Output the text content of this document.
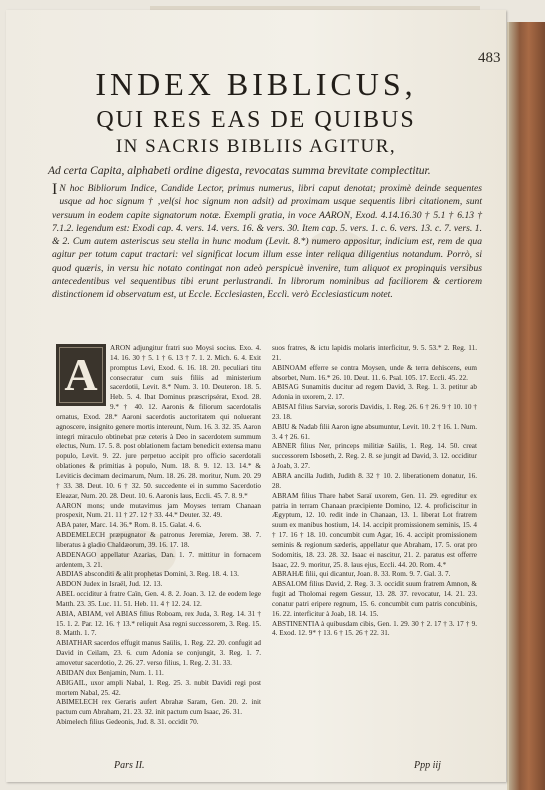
483
INDEX BIBLICUS,
QUI RES EAS DE QUIBUS
IN SACRIS BIBLIIS AGITUR,
Ad certa Capita, alphabeti ordine digesta, revocatas summa brevitate complectitur.
I N hoc Bibliorum Indice, Candide Lector, primus numerus, libri caput denotat; proximè deinde sequentes usque ad hoc signum † ,vel(si hoc signum non adsit) ad proximam usque sequentis libri citationem, sunt versuum in eodem capite signatorum notæ. Exempli gratia, in voce AARON, Exod. 4.14.16.30 † 5.1 † 6.13 † 7.1.2. legendum est: Exodi cap. 4. vers. 14. vers. 16. & vers. 30. Item cap. 5. vers. 1. c. 6. vers. 13. c. 7. vers. 1. & 2. Cum autem asteriscus seu stella in hunc modum (Levit. 8.*) numero appositur, indicium est, rem de qua agitur per totum caput tractari: vel significat locum illum esse inter reliqua diligentius notandum. Porrò, si quod quæris, in versu hic notato contingat non adeò perspicuè invenire, tum aliquot ex propinquis versibus antecedentibus vel sequentibus tibi erunt perlustrandi. In librorum nominibus ad faciliorem & certiorem distinctionem id observatum est, ut Eccle. Ecclesiasten, Ecclì. verò Ecclesiasticum notet.
A

ARON adjungitur fratri suo Moysi socius. Exo. 4. 14. 16. 30 † 5. 1 † 6. 13 † 7. 1. 2. Mich. 6. 4. Exit promptus Levi, Exod. 6. 16. 18. 20. peculiari titu consecratur cum suis filiis ad ministerium sacerdotii, Levit. 8.* Num. 3. 10. Deuteron. 18. 5. Heb. 5. 4. Ibat Dominus præscripsérat, Exod. 28. 9.* † 40. 12. Aaronis & filiorum sacerdotalis ornatus, Exod. 28.* Aaroni sacerdotis auctoritatem qui noluerant agnoscere, insignito genere mortis intereunt, Num. 16. 3. 32. 35. Aaron integri miraculo obtinebat præ ceteris à Deo in sacerdotem summum electus, Num. 17. 5. 8. post oblationem factam benedicit extensa manu populo, Levit. 9. 22. jure perpetuo accipit pro officio sacerdotali oblationes & primitias à populo, Num. 18. 8. 9. 12. 13. 14.* & Leviticis decimam decimarum, Num. 18. 26. 28. moritur, Num. 20. 29 † 33. 38. Deut. 10. 6 † 32. 50. succedente ei in summo Sacerdotio Eleazar, Num. 20. 28. Deut. 10. 6. Aaronis laus, Eccli. 45. 7. 8. 9.*

AARON mons; unde mutavimus jam Moyses terram Chanaan prospexit, Num. 21. 11 † 27. 12 † 33. 44.* Deuter. 32. 49.

ABA pater, Marc. 14. 36.* Rom. 8. 15. Galat. 4. 6.

ABDEMELECH præpugnator & patronus Jeremiæ, Jerem. 38. 7. liberatus à gladio Chaldæorum, 39. 16. 17. 18.

ABDENAGO appellatur Azarias, Dan. 1. 7. mittitur in fornacem ardentem, 3. 21.

ABDIAS absconditi & alit prophetas Domini, 3. Reg. 18. 4. 13.

ABDON Judex in Israël, Jud. 12. 13.

ABEL occiditur à fratre Caïn, Gen. 4. 8. 2. Joan. 3. 12. de eodem lege Matth. 23. 35. Luc. 11. 51. Heb. 11. 4 † 12. 24. 12.

ABIA, ABIAM, vel ABIAS filius Roboam, rex Juda, 3. Reg. 14. 31 † 15. 1. 2. Par. 12. 16. † 13.* reliquit Asa regni successorem, 3. Reg. 15. 8. Matth. 1. 7.

ABIATHAR sacerdos effugit manus Saülis, 1. Reg. 22. 20. confugit ad David in Ceilam, 23. 6. cum Adonia se conjungit, 3. Reg. 1. 7. amovetur sacerdotio, 2. 26. 27. verso filius, 1. Reg. 2. 31. 33.

ABIDAN dux Benjamin, Num. 1. 11.

ABIGAIL, uxor ampli Nabal, 1. Reg. 25. 3. nubit Davidi regi post mortem Nabal, 25. 42.

ABIMELECH rex Geraris aufert Abrahæ Saram, Gen. 20. 2. init pactum cum Abraham, 21. 23. 32. init pactum cum Isaac, 26. 31.

Abimelech filius Gedeonis, Jud. 8. 31. occidit 70.

suos fratres, & ictu lapidis molaris interficitur, 9. 5. 53.* 2. Reg. 11. 21.

ABINOAM efferre se contra Moysen, unde & terra dehiscens, eum absorbet, Num. 16.* 26. 10. Deut. 11. 6. Psal. 105. 17. Eccli. 45. 22.

ABISAG Sunamitis ducitur ad regem David, 3. Reg. 1. 3. petitur ab Adonia in uxorem, 2. 17.

ABISAI filius Sarviæ, sororis Davidis, 1. Reg. 26. 6 † 26. 9 † 10. 10 † 23. 18.

ABIU & Nadab filii Aaron igne absumuntur, Levit. 10. 2 † 16. 1. Num. 3. 4 † 26. 61.

ABNER filius Ner, princeps militiæ Saülis, 1. Reg. 14. 50. creat successorem Isboseth, 2. Reg. 2. 8. se jungit ad David, 3. 12. occiditur à Joab, 3. 27.

ABRA ancilla Judith, Judith 8. 32 † 10. 2. liberationem donatur, 16. 28.

ABRAM filius Thare habet Saraï uxorem, Gen. 11. 29. egreditur ex patria in terram Chanaan præcipiente Domino, 12. 4. proficiscitur in Ægyptum, 12. 10. redit inde in Chanaan, 13. 1. liberat Lot fratrem suum ex manibus hostium, 14. 14. accipit promissionem seminis, 15. 4 † 17. 16 † 18. 10. concumbit cum Agar, 16. 4. accipit promissionem seminis & regionum sæderis, appellatur que Abraham, 17. 5. orat pro Sodomitis, 18. 23. 28. 32. Isaac ei nascitur, 21. 2. paratus est offerre Isaac, 22. 9. moritur, 25. 8. laus ejus, Eccli. 44. 20. Rom. 4.*

ABRAHÆ filii, qui dicantur, Joan. 8. 33. Rom. 9. 7. Gal. 3. 7.

ABSALOM filius David, 2. Reg. 3. 3. occidit suum fratrem Amnon, & fugit ad Tholomai regem Gessur, 13. 28. 37. revocatur, 14. 21. 23. conatur patri eripere regnum, 15. 6. concumbit cum patris concubinis, 16. 22. interficitur à Joab, 18. 14. 15.

ABSTINENTIA à quibusdam cibis, Gen. 1. 29. 30 † 2. 17 † 3. 17 † 9. 4. Exod. 12. 9* † 13. 6 † 15. 26 † 22. 31.

Pars II.	Ppp iij
